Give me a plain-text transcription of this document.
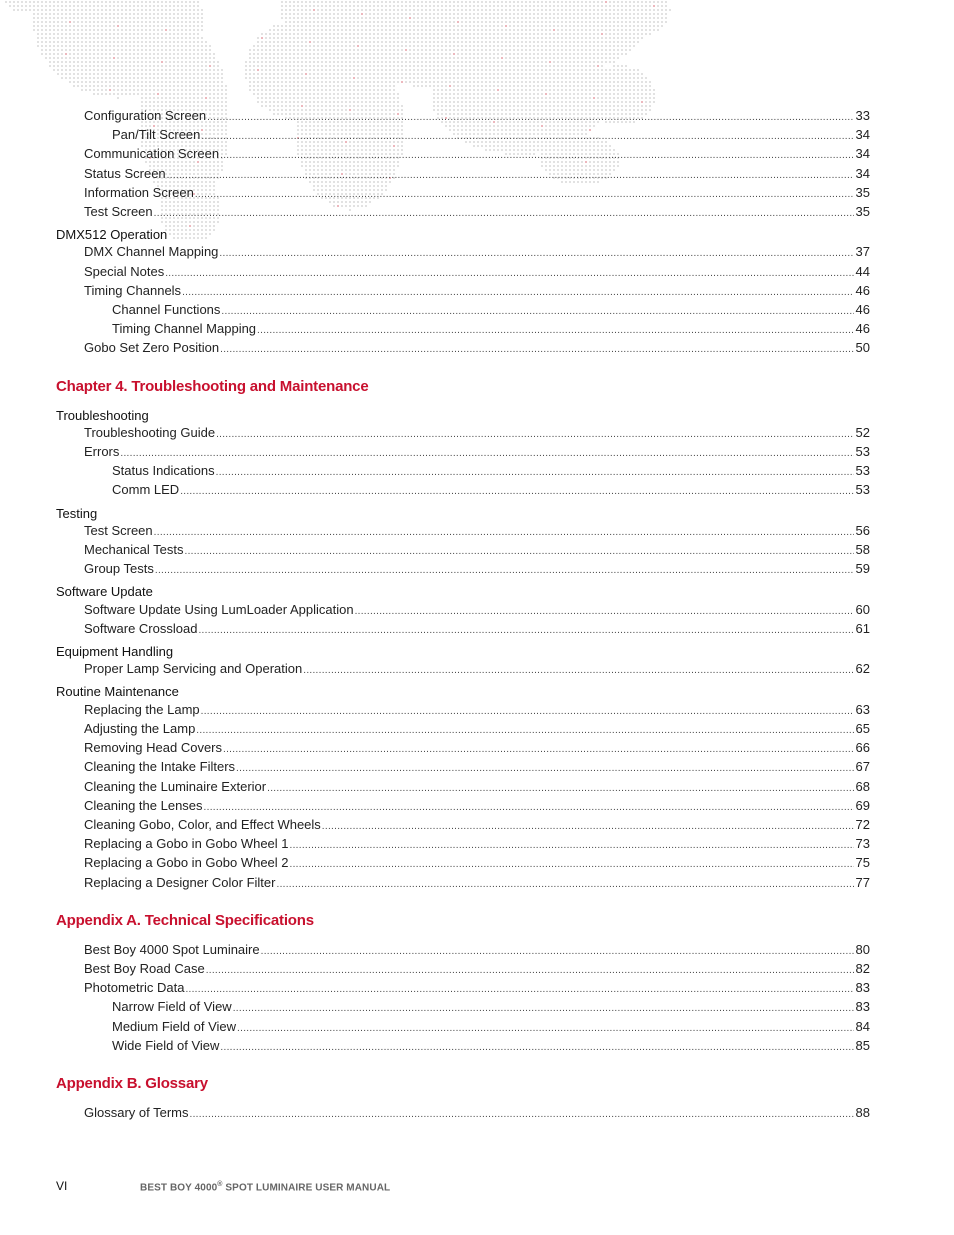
Configuration Screen .....	33
Pan/Tilt Screen .....	34
Communication Screen .....	34
Status Screen .....	34
Information Screen .....	35
Test Screen .....	35
DMX512 Operation
DMX Channel Mapping .....	37
Special Notes .....	44
Timing Channels .....	46
Channel Functions .....	46
Timing Channel Mapping .....	46
Gobo Set Zero Position .....	50
Chapter 4. Troubleshooting and Maintenance
Troubleshooting
Troubleshooting Guide .....	52
Errors .....	53
Status Indications .....	53
Comm LED .....	53
Testing
Test Screen .....	56
Mechanical Tests .....	58
Group Tests .....	59
Software Update
Software Update Using LumLoader Application .....	60
Software Crossload .....	61
Equipment Handling
Proper Lamp Servicing and Operation .....	62
Routine Maintenance
Replacing the Lamp .....	63
Adjusting the Lamp .....	65
Removing Head Covers .....	66
Cleaning the Intake Filters .....	67
Cleaning the Luminaire Exterior .....	68
Cleaning the Lenses .....	69
Cleaning Gobo, Color, and Effect Wheels .....	72
Replacing a Gobo in Gobo Wheel 1 .....	73
Replacing a Gobo in Gobo Wheel 2 .....	75
Replacing a Designer Color Filter .....	77
Appendix A. Technical Specifications
Best Boy 4000 Spot Luminaire .....	80
Best Boy Road Case .....	82
Photometric Data .....	83
Narrow Field of View .....	83
Medium Field of View .....	84
Wide Field of View .....	85
Appendix B. Glossary
Glossary of Terms .....	88
VI	BEST BOY 4000® SPOT LUMINAIRE USER MANUAL
